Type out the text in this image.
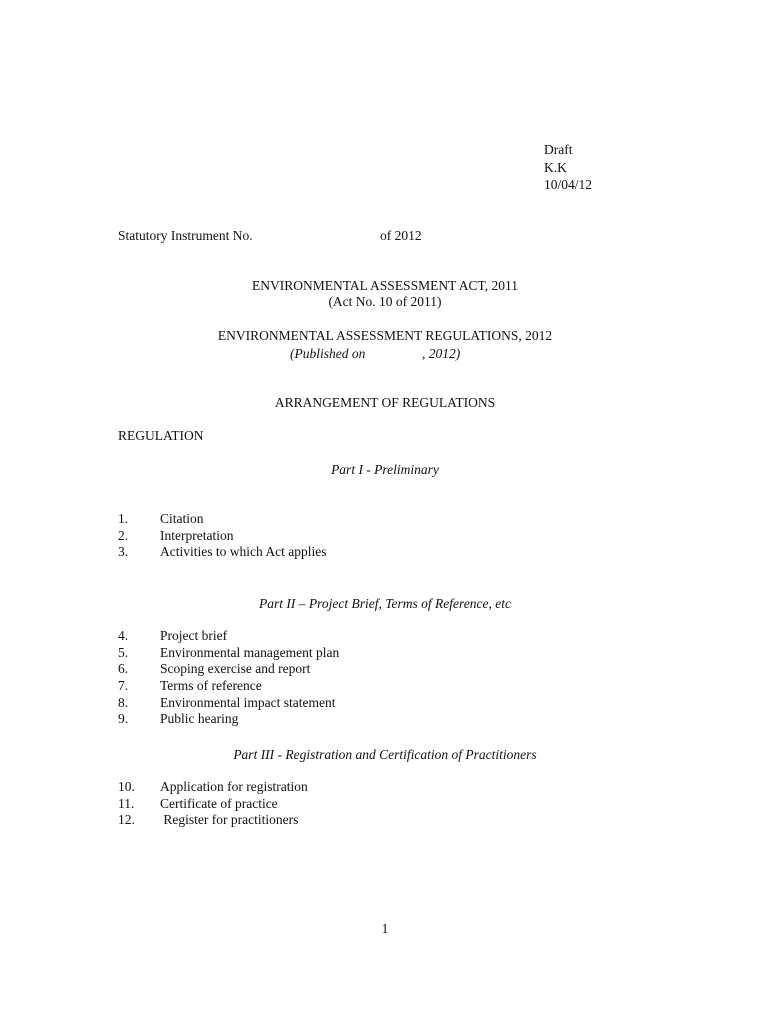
Draft
K.K
10/04/12
Statutory Instrument No.	of 2012
ENVIRONMENTAL ASSESSMENT ACT, 2011
(Act No. 10 of 2011)
ENVIRONMENTAL ASSESSMENT REGULATIONS, 2012
(Published on	, 2012)
ARRANGEMENT OF REGULATIONS
REGULATION
Part I - Preliminary
1. Citation
2. Interpretation
3. Activities to which Act applies
Part II – Project Brief, Terms of Reference, etc
4. Project brief
5. Environmental management plan
6. Scoping exercise and report
7. Terms of reference
8. Environmental impact statement
9. Public hearing
Part III - Registration and Certification of Practitioners
10. Application for registration
11. Certificate of practice
12. Register for practitioners
1
